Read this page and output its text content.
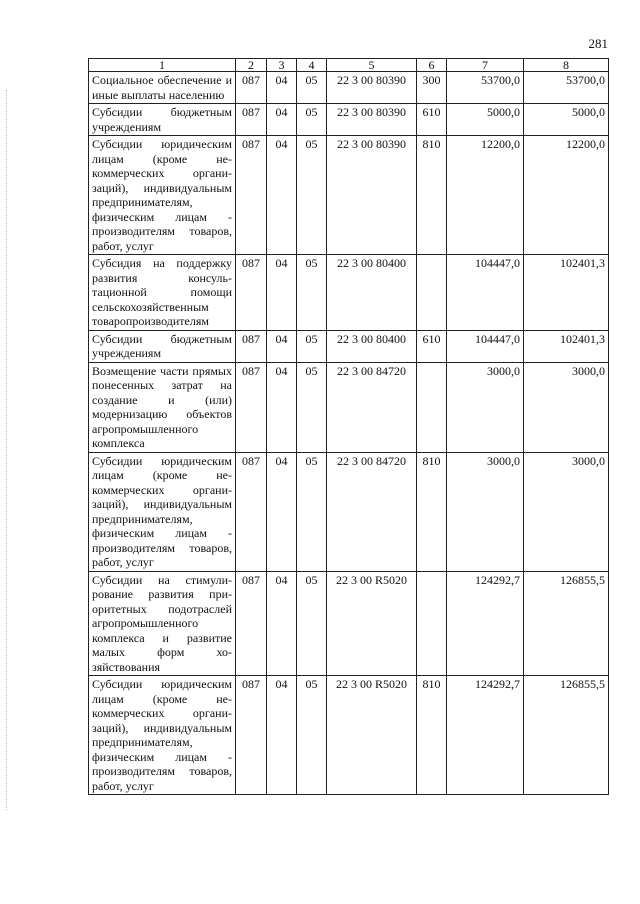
281
1	2	3	4	5	6	7	8
Социальное обеспечение и иные выплаты населению	087	04	05	22 3 00 80390	300	53700,0	53700,0
Субсидии бюджетным учреждениям	087	04	05	22 3 00 80390	610	5000,0	5000,0
Субсидии юридическим лицам (кроме некоммерческих организаций), индивидуальным предпринимателям, физическим лицам - производителям товаров, работ, услуг	087	04	05	22 3 00 80390	810	12200,0	12200,0
Субсидия на поддержку развития консультационной помощи сельскохозяйственным товаропроизводителям	087	04	05	22 3 00 80400		104447,0	102401,3
Субсидии бюджетным учреждениям	087	04	05	22 3 00 80400	610	104447,0	102401,3
Возмещение части прямых понесенных затрат на создание и (или) модернизацию объектов агропромышленного комплекса	087	04	05	22 3 00 84720		3000,0	3000,0
Субсидии юридическим лицам (кроме некоммерческих организаций), индивидуальным предпринимателям, физическим лицам - производителям товаров, работ, услуг	087	04	05	22 3 00 84720	810	3000,0	3000,0
Субсидии на стимулирование развития приоритетных подотраслей агропромышленного комплекса и развитие малых форм хозяйствования	087	04	05	22 3 00 R5020		124292,7	126855,5
Субсидии юридическим лицам (кроме некоммерческих организаций), индивидуальным предпринимателям, физическим лицам - производителям товаров, работ, услуг	087	04	05	22 3 00 R5020	810	124292,7	126855,5
